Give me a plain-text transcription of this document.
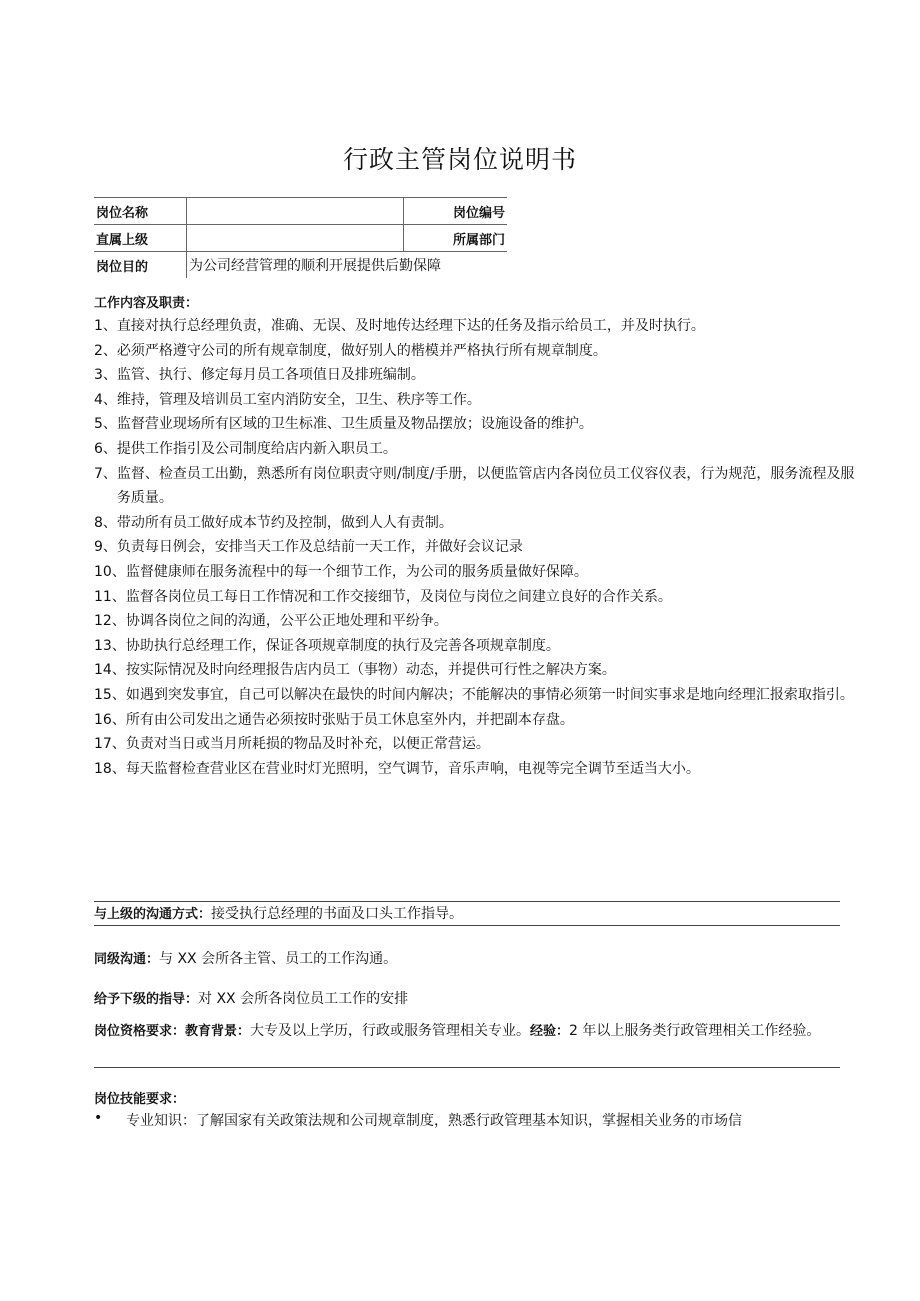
行政主管岗位说明书
岗位名称		岗位编号
直属上级		所属部门
岗位目的	为公司经营管理的顺利开展提供后勤保障	
工作内容及职责：
1、 直接对执行总经理负责，准确、无误、及时地传达经理下达的任务及指示给员工，并及时执行。
2、 必须严格遵守公司的所有规章制度，做好别人的楷模并严格执行所有规章制度。
3、 监管、执行、修定每月员工各项值日及排班编制。
4、 维持，管理及培训员工室内消防安全，卫生、秩序等工作。
5、 监督营业现场所有区域的卫生标准、卫生质量及物品摆放；设施设备的维护。
6、 提供工作指引及公司制度给店内新入职员工。
7、 监督、检查员工出勤，熟悉所有岗位职责守则/制度/手册，以便监管店内各岗位员工仪容仪表，行为规范，服务流程及服务质量。
8、 带动所有员工做好成本节约及控制，做到人人有责制。
9、 负责每日例会，安排当天工作及总结前一天工作，并做好会议记录
10、 监督健康师在服务流程中的每一个细节工作，为公司的服务质量做好保障。
11、 监督各岗位员工每日工作情况和工作交接细节，及岗位与岗位之间建立良好的合作关系。
12、 协调各岗位之间的沟通，公平公正地处理和平纷争。
13、 协助执行总经理工作，保证各项规章制度的执行及完善各项规章制度。
14、 按实际情况及时向经理报告店内员工（事物）动态，并提供可行性之解决方案。
15、 如遇到突发事宜，自己可以解决在最快的时间内解决；不能解决的事情必须第一时间实事求是地向经理汇报索取指引。
16、 所有由公司发出之通告必须按时张贴于员工休息室外内，并把副本存盘。
17、 负责对当日或当月所耗损的物品及时补充，以便正常营运。
18、 每天监督检查营业区在营业时灯光照明，空气调节，音乐声响，电视等完全调节至适当大小。
与上级的沟通方式：接受执行总经理的书面及口头工作指导。
同级沟通：与 XX 会所各主管、员工的工作沟通。
给予下级的指导：对 XX 会所各岗位员工工作的安排
岗位资格要求：教育背景：大专及以上学历，行政或服务管理相关专业。经验：2 年以上服务类行政管理相关工作经验。
岗位技能要求：
•	专业知识：了解国家有关政策法规和公司规章制度，熟悉行政管理基本知识，掌握相关业务的市场信
